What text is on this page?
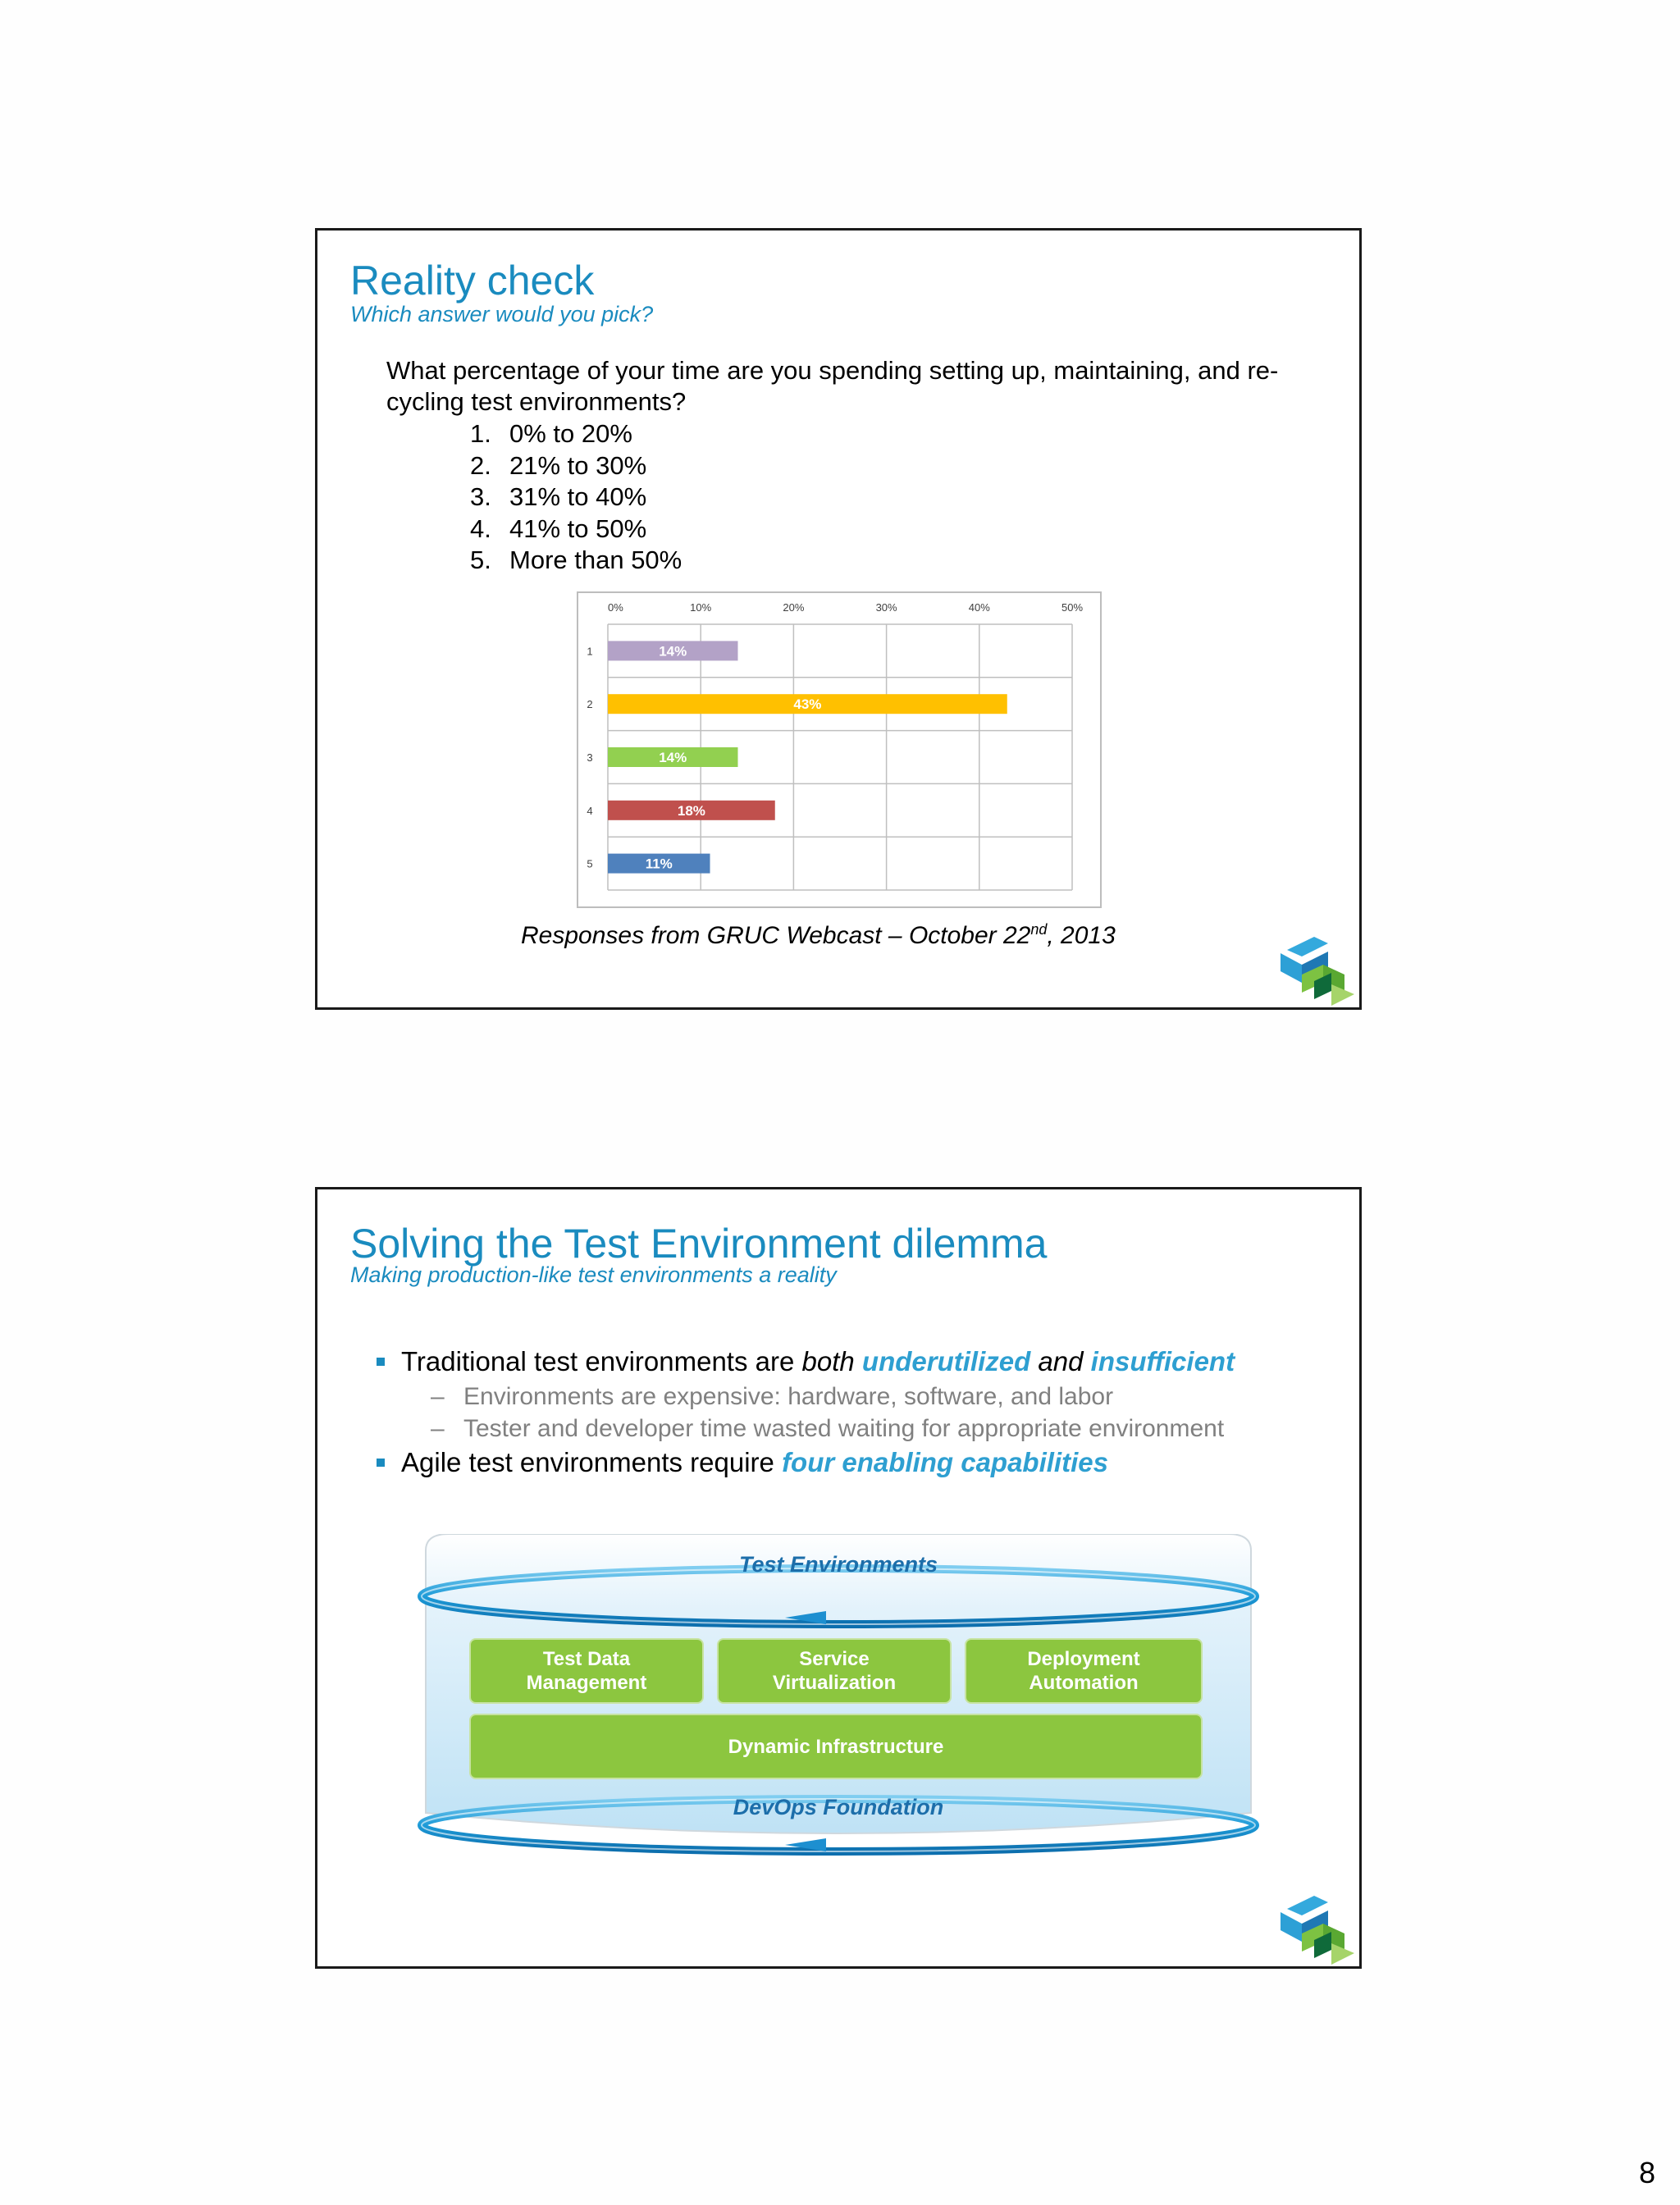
Reality check
Which answer would you pick?
What percentage of your time are you spending setting up, maintaining, and re-cycling test environments?
1. 0% to 20%
2. 21% to 30%
3. 31% to 40%
4. 41% to 50%
5. More than 50%
0%	10%	20%	30%	40%	50%
14%
1
43%
2
14%
3
18%
4
11%
5
Responses from GRUC Webcast – October 22nd, 2013
Solving the Test Environment dilemma
Making production-like test environments a reality
Traditional test environments are both underutilized and insufficient
– Environments are expensive: hardware, software, and labor
– Tester and developer time wasted waiting for appropriate environment
Agile test environments require four enabling capabilities
Test Environments
Test Data
Management
Service
Virtualization
Deployment
Automation
Dynamic Infrastructure
DevOps Foundation
8
